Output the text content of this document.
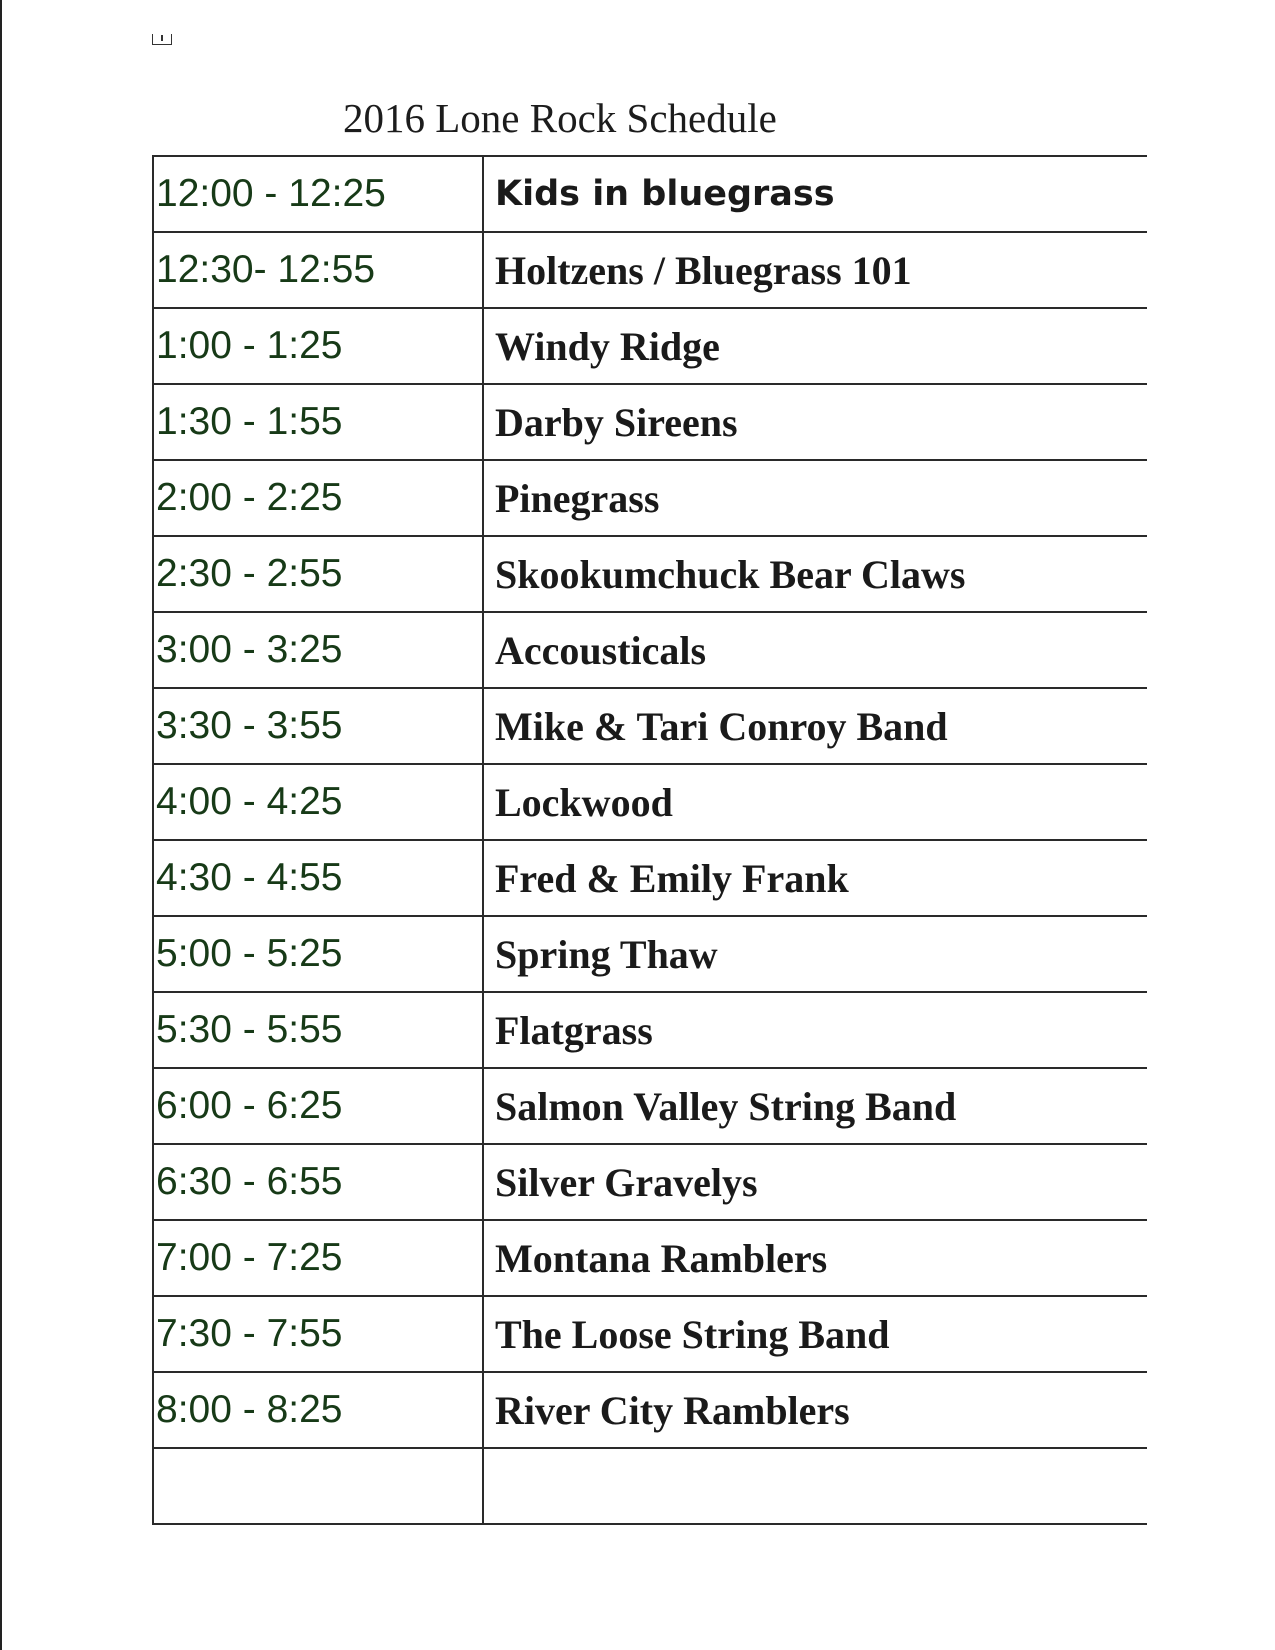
2016 Lone Rock Schedule
12:00 - 12:25	Kids in bluegrass
12:30- 12:55	Holtzens / Bluegrass 101
1:00 - 1:25	Windy Ridge
1:30 - 1:55	Darby Sireens
2:00 - 2:25	Pinegrass
2:30 - 2:55	Skookumchuck Bear Claws
3:00 - 3:25	Accousticals
3:30 - 3:55	Mike & Tari Conroy Band
4:00 - 4:25	Lockwood
4:30 - 4:55	Fred & Emily Frank
5:00 - 5:25	Spring Thaw
5:30 - 5:55	Flatgrass
6:00 - 6:25	Salmon Valley String Band
6:30 - 6:55	Silver Gravelys
7:00 - 7:25	Montana Ramblers
7:30 - 7:55	The Loose String Band
8:00 - 8:25	River City Ramblers
